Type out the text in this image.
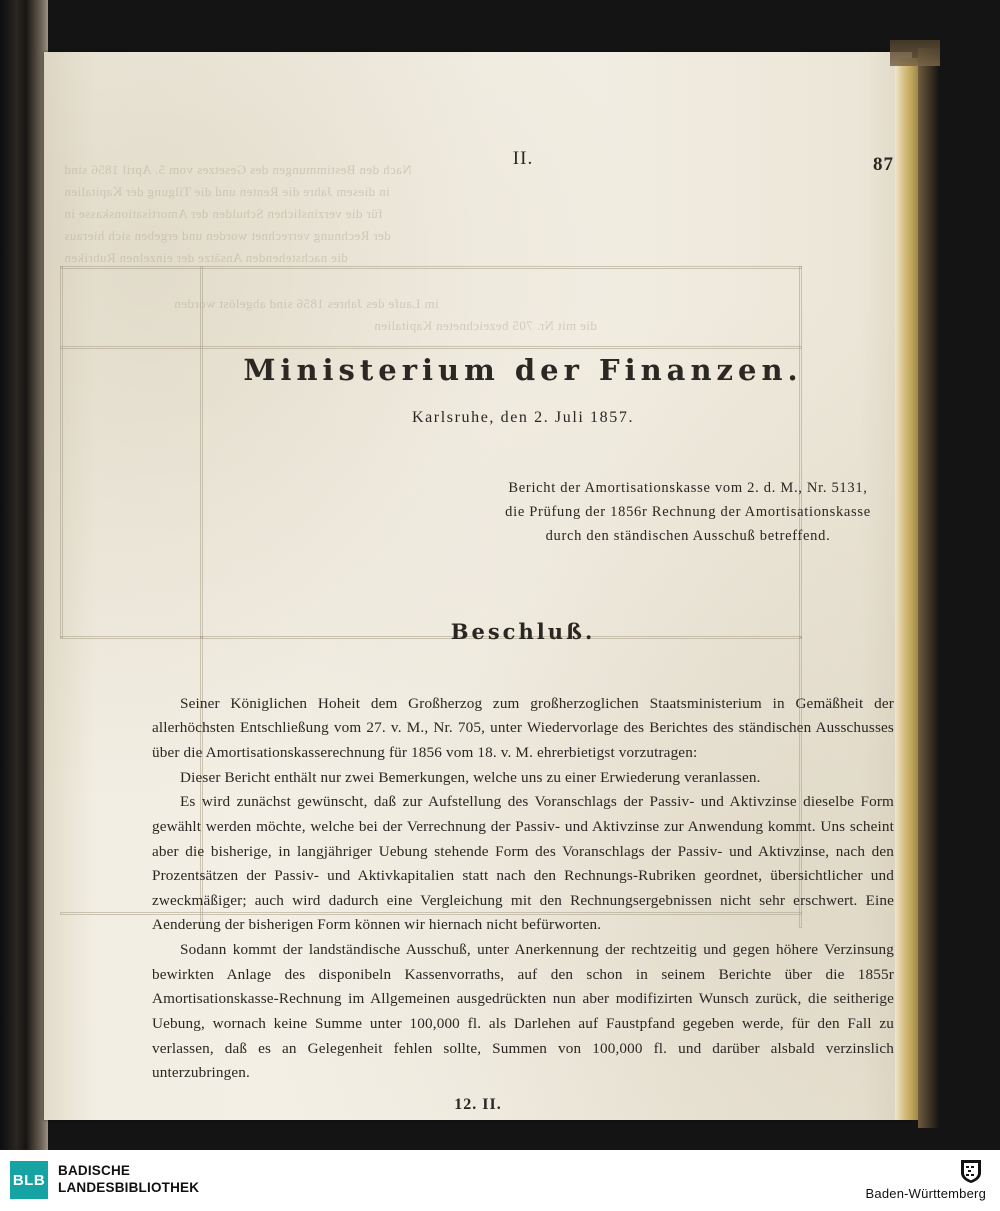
Nach den Bestimmungen des Gesetzes vom 5. April 1856 sind
in diesem Jahre die Renten und die Tilgung der Kapitalien
für die verzinslichen Schulden der Amortisationskasse in
der Rechnung verrechnet worden und ergeben sich hieraus
die nachstehenden Ansätze der einzelnen Rubriken
im Laufe des Jahres 1856 sind abgelöst worden
die mit Nr. 705 bezeichneten Kapitalien
II.	87
Ministerium der Finanzen.
Karlsruhe, den 2. Juli 1857.
Bericht der Amortisationskasse vom 2. d. M., Nr. 5131,
die Prüfung der 1856r Rechnung der Amortisationskasse
durch den ständischen Ausschuß betreffend.
Beschluß.

Seiner Königlichen Hoheit dem Großherzog zum großherzoglichen Staatsministerium in Gemäßheit der allerhöchsten Entschließung vom 27. v. M., Nr. 705, unter Wiedervorlage des Berichtes des ständischen Ausschusses über die Amortisationskasserechnung für 1856 vom 18. v. M. ehrerbietigst vorzutragen:

Dieser Bericht enthält nur zwei Bemerkungen, welche uns zu einer Erwiederung veranlassen.

Es wird zunächst gewünscht, daß zur Aufstellung des Voranschlags der Passiv- und Aktivzinse dieselbe Form gewählt werden möchte, welche bei der Verrechnung der Passiv- und Aktivzinse zur Anwendung kommt. Uns scheint aber die bisherige, in langjähriger Uebung stehende Form des Voranschlags der Passiv- und Aktivzinse, nach den Prozentsätzen der Passiv- und Aktivkapitalien statt nach den Rechnungs-Rubriken geordnet, übersichtlicher und zweckmäßiger; auch wird dadurch eine Vergleichung mit den Rechnungsergebnissen nicht sehr erschwert. Eine Aenderung der bisherigen Form können wir hiernach nicht befürworten.

Sodann kommt der landständische Ausschuß, unter Anerkennung der rechtzeitig und gegen höhere Verzinsung bewirkten Anlage des disponibeln Kassenvorraths, auf den schon in seinem Berichte über die 1855r Amortisationskasse-Rechnung im Allgemeinen ausgedrückten nun aber modifizirten Wunsch zurück, die seitherige Uebung, wornach keine Summe unter 100,000 fl. als Darlehen auf Faustpfand gegeben werde, für den Fall zu verlassen, daß es an Gelegenheit fehlen sollte, Summen von 100,000 fl. und darüber alsbald verzinslich unterzubringen.

12. II.
BLB
BADISCHE
LANDESBIBLIOTHEK	Baden-Württemberg
